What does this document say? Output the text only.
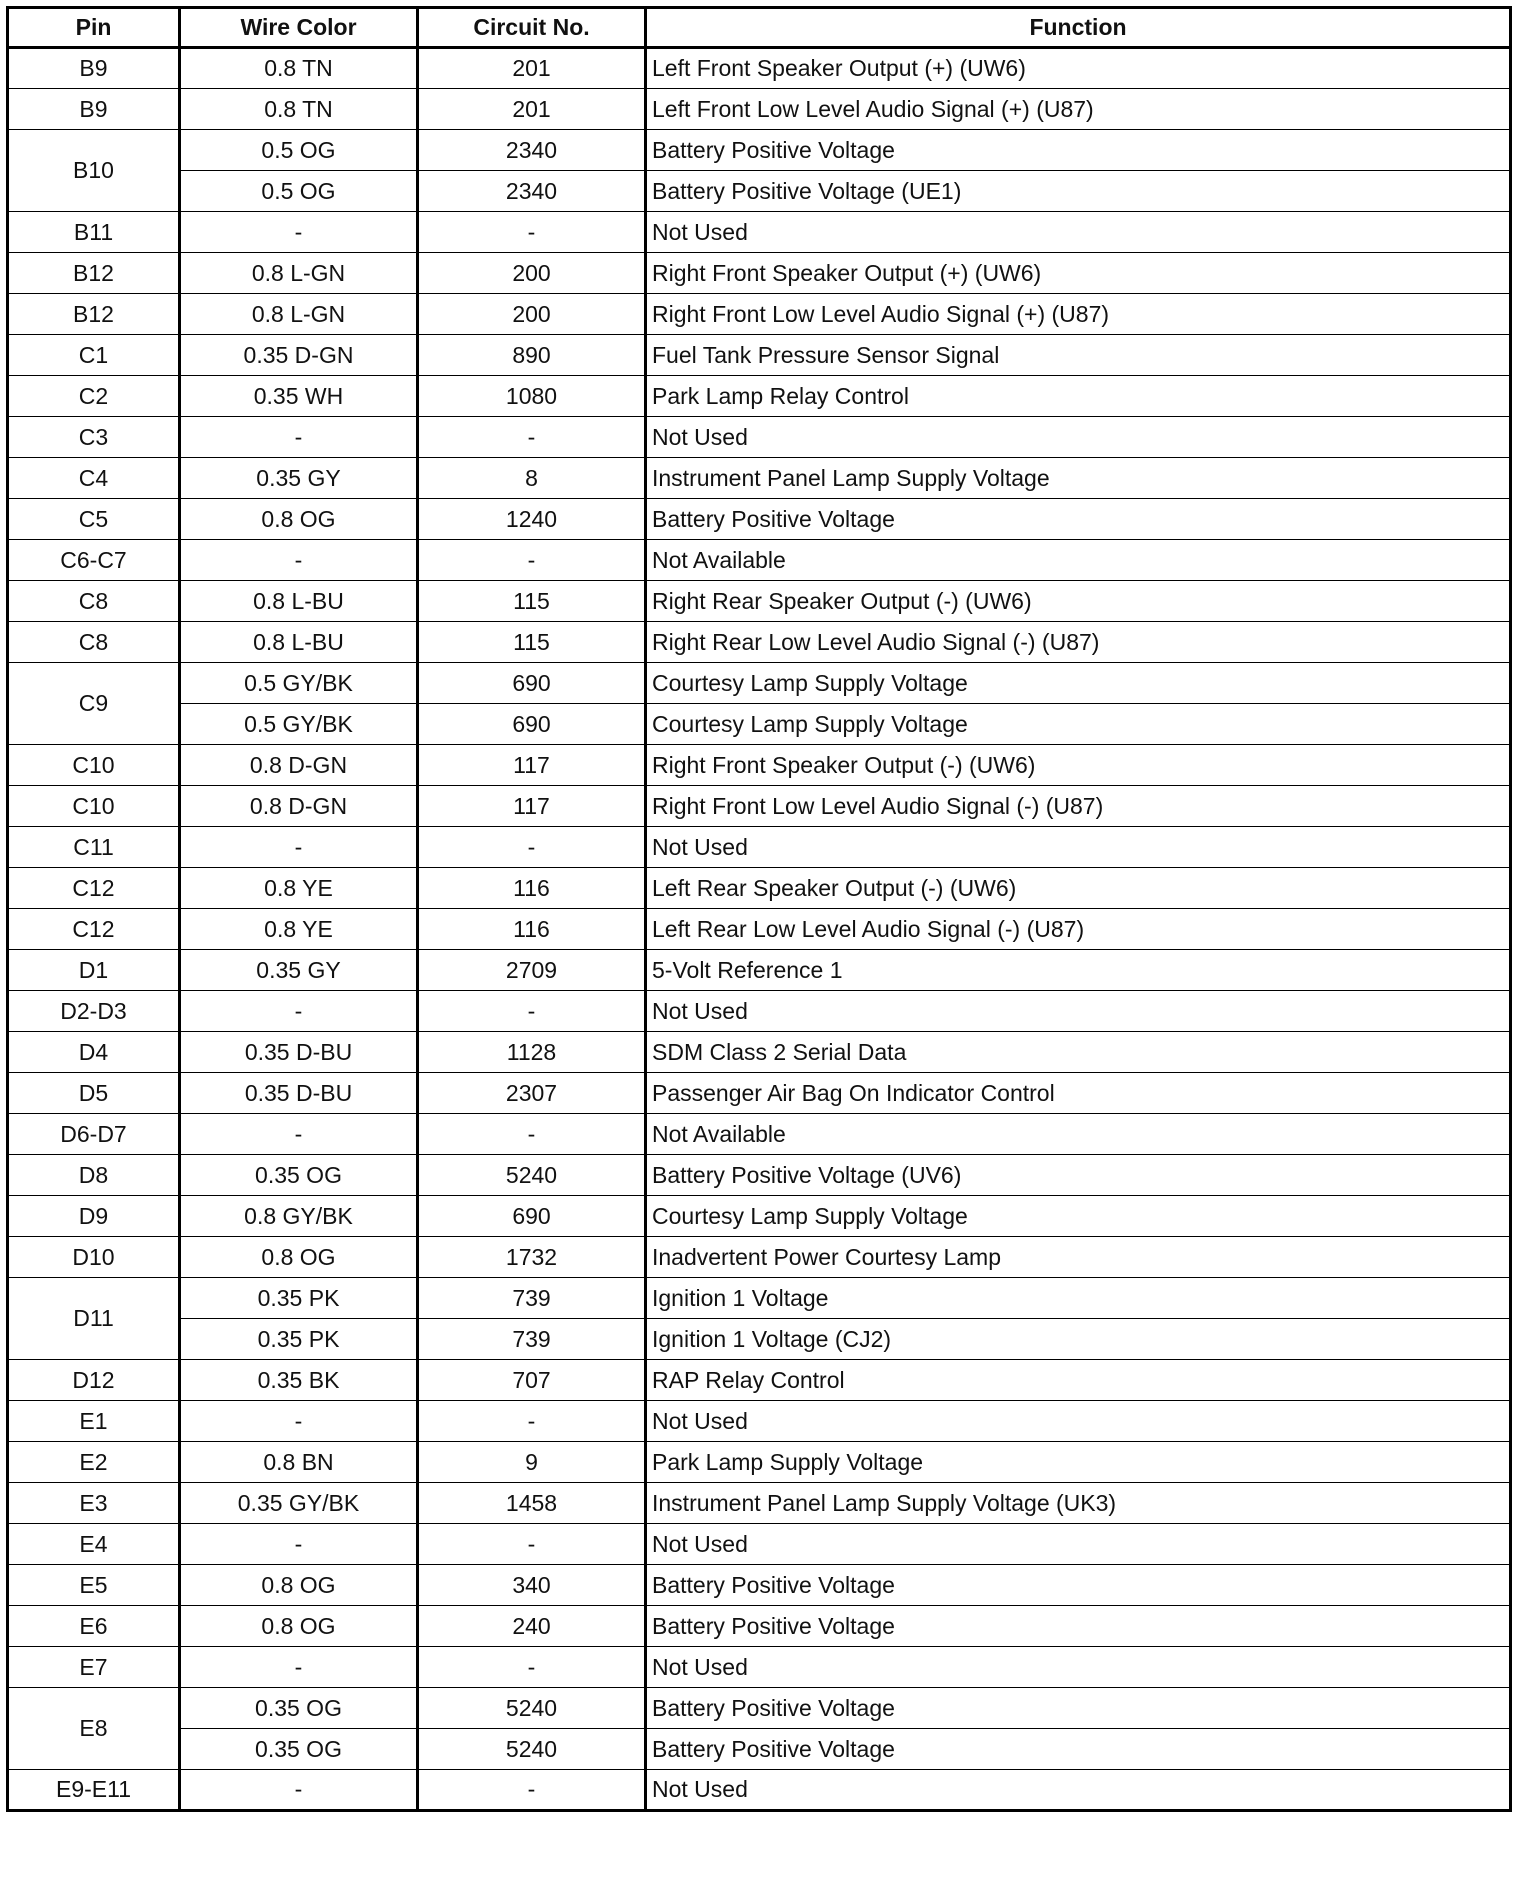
Pin	Wire Color	Circuit No.	Function
B9	0.8 TN	201	Left Front Speaker Output (+) (UW6)
B9	0.8 TN	201	Left Front Low Level Audio Signal (+) (U87)
B10	0.5 OG	2340	Battery Positive Voltage
	0.5 OG	2340	Battery Positive Voltage (UE1)
B11	-	-	Not Used
B12	0.8 L-GN	200	Right Front Speaker Output (+) (UW6)
B12	0.8 L-GN	200	Right Front Low Level Audio Signal (+) (U87)
C1	0.35 D-GN	890	Fuel Tank Pressure Sensor Signal
C2	0.35 WH	1080	Park Lamp Relay Control
C3	-	-	Not Used
C4	0.35 GY	8	Instrument Panel Lamp Supply Voltage
C5	0.8 OG	1240	Battery Positive Voltage
C6-C7	-	-	Not Available
C8	0.8 L-BU	115	Right Rear Speaker Output (-) (UW6)
C8	0.8 L-BU	115	Right Rear Low Level Audio Signal (-) (U87)
C9	0.5 GY/BK	690	Courtesy Lamp Supply Voltage
	0.5 GY/BK	690	Courtesy Lamp Supply Voltage
C10	0.8 D-GN	117	Right Front Speaker Output (-) (UW6)
C10	0.8 D-GN	117	Right Front Low Level Audio Signal (-) (U87)
C11	-	-	Not Used
C12	0.8 YE	116	Left Rear Speaker Output (-) (UW6)
C12	0.8 YE	116	Left Rear Low Level Audio Signal (-) (U87)
D1	0.35 GY	2709	5-Volt Reference 1
D2-D3	-	-	Not Used
D4	0.35 D-BU	1128	SDM Class 2 Serial Data
D5	0.35 D-BU	2307	Passenger Air Bag On Indicator Control
D6-D7	-	-	Not Available
D8	0.35 OG	5240	Battery Positive Voltage (UV6)
D9	0.8 GY/BK	690	Courtesy Lamp Supply Voltage
D10	0.8 OG	1732	Inadvertent Power Courtesy Lamp
D11	0.35 PK	739	Ignition 1 Voltage
	0.35 PK	739	Ignition 1 Voltage (CJ2)
D12	0.35 BK	707	RAP Relay Control
E1	-	-	Not Used
E2	0.8 BN	9	Park Lamp Supply Voltage
E3	0.35 GY/BK	1458	Instrument Panel Lamp Supply Voltage (UK3)
E4	-	-	Not Used
E5	0.8 OG	340	Battery Positive Voltage
E6	0.8 OG	240	Battery Positive Voltage
E7	-	-	Not Used
E8	0.35 OG	5240	Battery Positive Voltage
	0.35 OG	5240	Battery Positive Voltage
E9-E11	-	-	Not Used
